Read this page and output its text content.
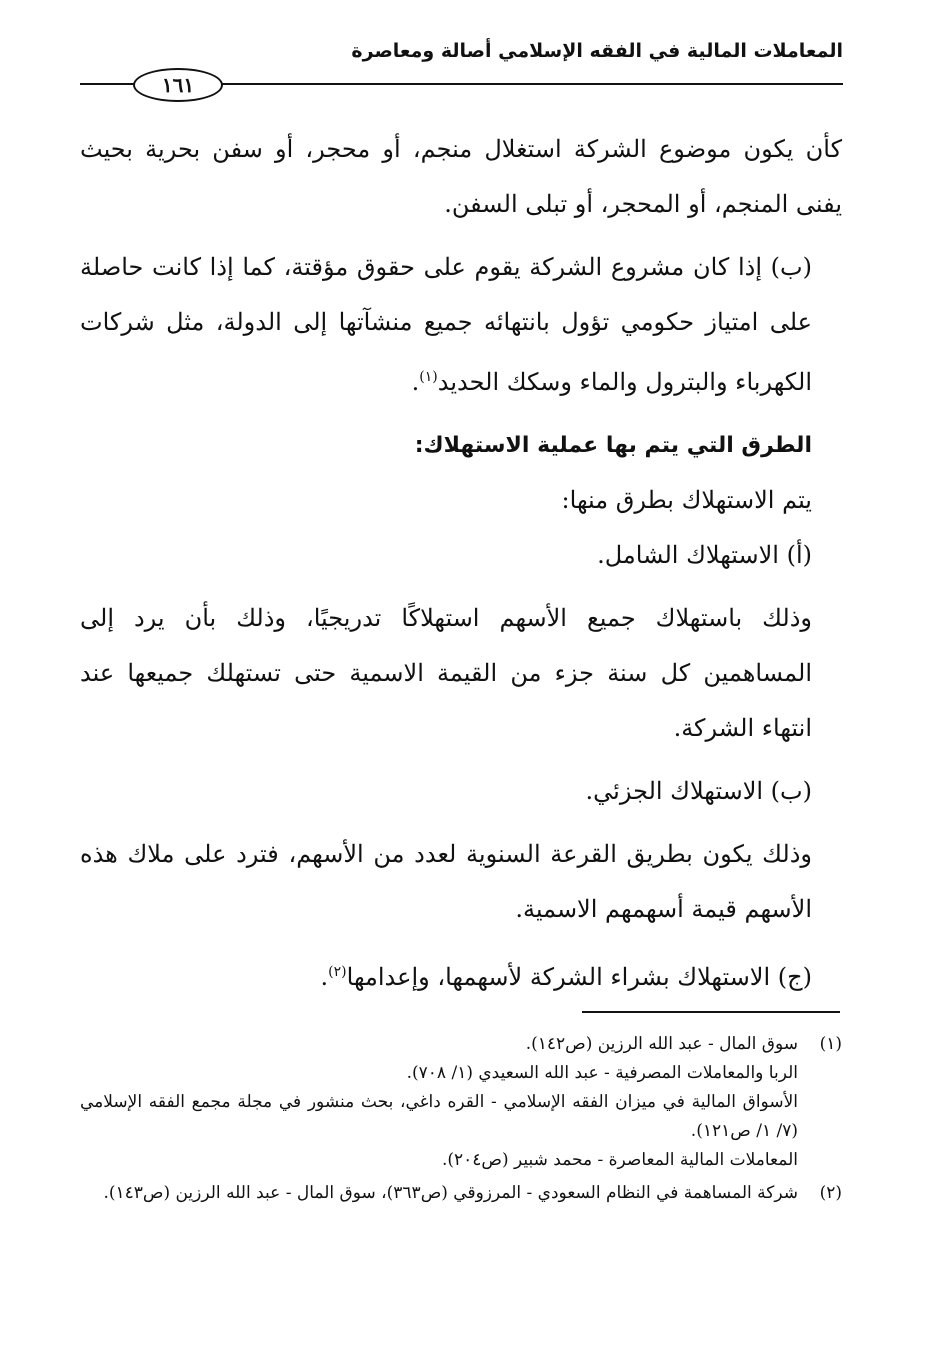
المعاملات المالية في الفقه الإسلامي أصالة ومعاصرة
١٦١

كأن يكون موضوع الشركة استغلال منجم، أو محجر، أو سفن بحرية بحيث يفنى المنجم، أو المحجر، أو تبلى السفن.

(ب) إذا كان مشروع الشركة يقوم على حقوق مؤقتة، كما إذا كانت حاصلة على امتياز حكومي تؤول بانتهائه جميع منشآتها إلى الدولة، مثل شركات الكهرباء والبترول والماء وسكك الحديد$^{(١)}$.

الطرق التي يتم بها عملية الاستهلاك:

يتم الاستهلاك بطرق منها:

(أ) الاستهلاك الشامل.

وذلك باستهلاك جميع الأسهم استهلاكًا تدريجيًا، وذلك بأن يرد إلى المساهمين كل سنة جزء من القيمة الاسمية حتى تستهلك جميعها عند انتهاء الشركة.

(ب) الاستهلاك الجزئي.

وذلك يكون بطريق القرعة السنوية لعدد من الأسهم، فترد على ملاك هذه الأسهم قيمة أسهمهم الاسمية.

(ج) الاستهلاك بشراء الشركة لأسهمها، وإعدامها$^{(٢)}$.

(١)
سوق المال - عبد الله الرزين (ص١٤٢).
الربا والمعاملات المصرفية - عبد الله السعيدي (١/ ٧٠٨).
الأسواق المالية في ميزان الفقه الإسلامي - القره داغي، بحث منشور في مجلة مجمع الفقه الإسلامي (٧/ ١/ ص١٢١).
المعاملات المالية المعاصرة - محمد شبير (ص٢٠٤).
(٢)
شركة المساهمة في النظام السعودي - المرزوقي (ص٣٦٣)، سوق المال - عبد الله الرزين (ص١٤٣).
